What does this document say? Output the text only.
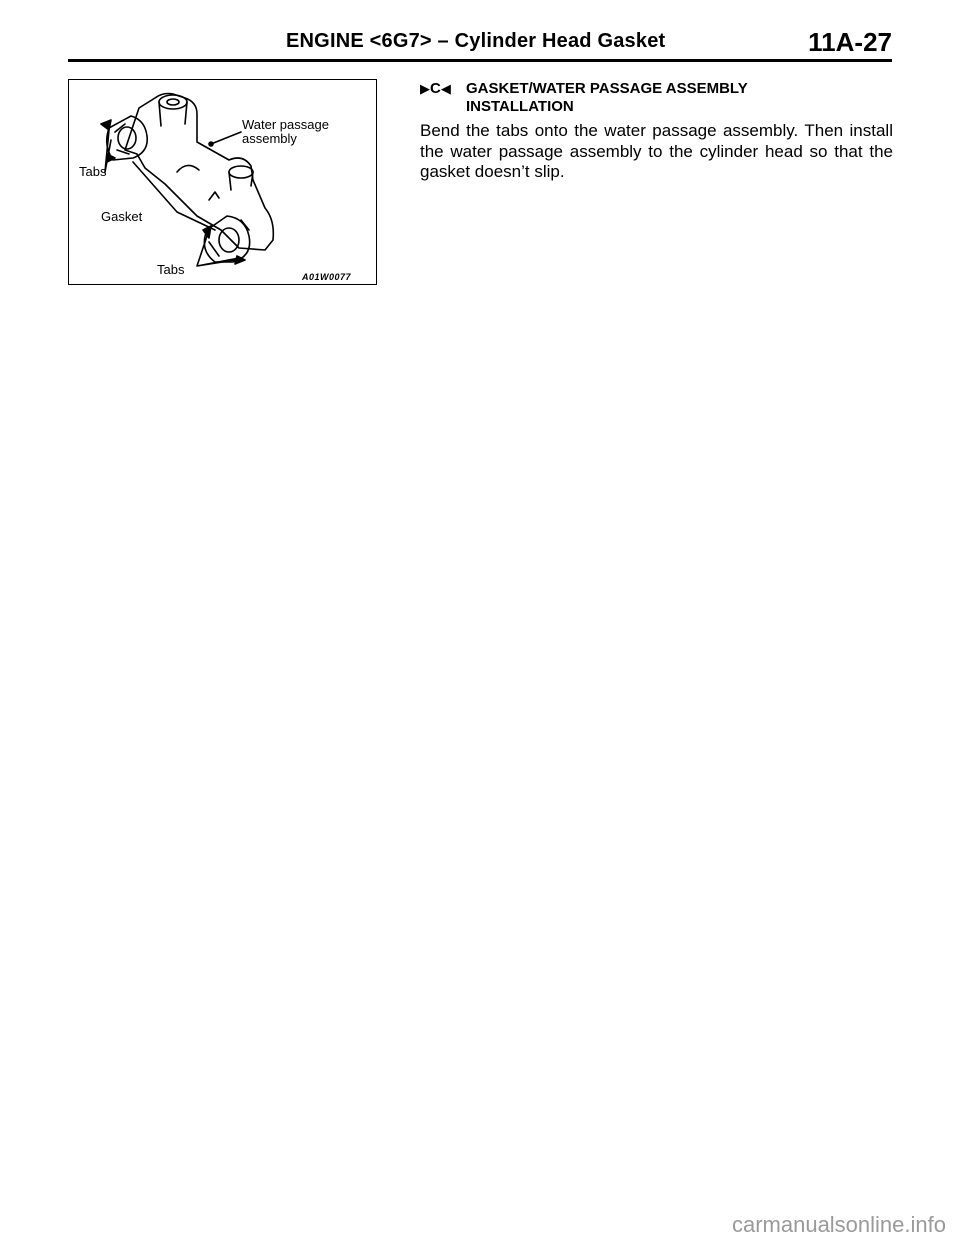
ENGINE <6G7> – Cylinder Head Gasket	11A-27
Water passage
assembly
Tabs
Gasket
Tabs	A01W0077
▶C◀ GASKET/WATER PASSAGE ASSEMBLY INSTALLATION

Bend the tabs onto the water passage assembly. Then install the water passage assembly to the cylinder head so that the gasket doesn’t slip.

carmanualsonline.info
